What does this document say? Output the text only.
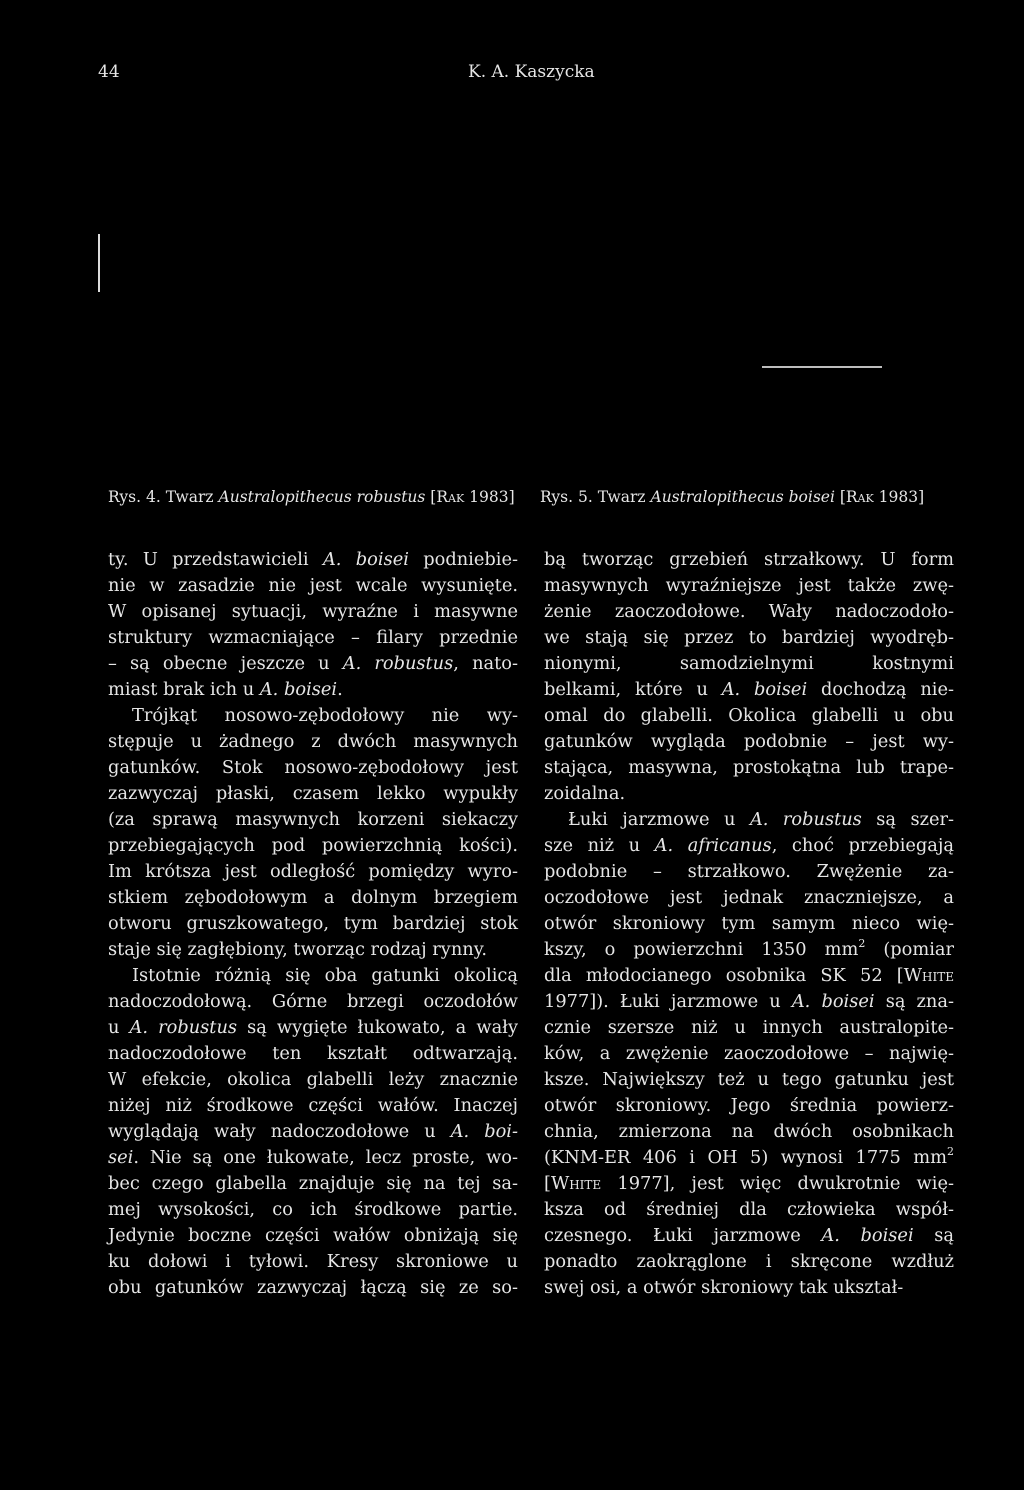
44	K. A. Kaszycka
Rys. 4. Twarz Australopithecus robustus [Rak 1983] Rys. 5. Twarz Australopithecus boisei [Rak 1983]
ty. U przedstawicieli A. boisei podniebie-
nie w zasadzie nie jest wcale wysunięte.
W opisanej sytuacji, wyraźne i masywne
struktury wzmacniające – filary przednie
– są obecne jeszcze u A. robustus, nato-
miast brak ich u A. boisei.
Trójkąt nosowo-zębodołowy nie wy-
stępuje u żadnego z dwóch masywnych
gatunków. Stok nosowo-zębodołowy jest
zazwyczaj płaski, czasem lekko wypukły
(za sprawą masywnych korzeni siekaczy
przebiegających pod powierzchnią kości).
Im krótsza jest odległość pomiędzy wyro-
stkiem zębodołowym a dolnym brzegiem
otworu gruszkowatego, tym bardziej stok
staje się zagłębiony, tworząc rodzaj rynny.
Istotnie różnią się oba gatunki okolicą
nadoczodołową. Górne brzegi oczodołów
u A. robustus są wygięte łukowato, a wały
nadoczodołowe ten kształt odtwarzają.
W efekcie, okolica glabelli leży znacznie
niżej niż środkowe części wałów. Inaczej
wyglądają wały nadoczodołowe u A. boi-
sei. Nie są one łukowate, lecz proste, wo-
bec czego glabella znajduje się na tej sa-
mej wysokości, co ich środkowe partie.
Jedynie boczne części wałów obniżają się
ku dołowi i tyłowi. Kresy skroniowe u
obu gatunków zazwyczaj łączą się ze so-
bą tworząc grzebień strzałkowy. U form
masywnych wyraźniejsze jest także zwę-
żenie zaoczodołowe. Wały nadoczodoło-
we stają się przez to bardziej wyodręb-
nionymi, samodzielnymi kostnymi
belkami, które u A. boisei dochodzą nie-
omal do glabelli. Okolica glabelli u obu
gatunków wygląda podobnie – jest wy-
stająca, masywna, prostokątna lub trape-
zoidalna.
Łuki jarzmowe u A. robustus są szer-
sze niż u A. africanus, choć przebiegają
podobnie – strzałkowo. Zwężenie za-
oczodołowe jest jednak znaczniejsze, a
otwór skroniowy tym samym nieco wię-
kszy, o powierzchni 1350 $mm^2$ (pomiar
dla młodocianego osobnika SK 52 [White
1977]). Łuki jarzmowe u A. boisei są zna-
cznie szersze niż u innych australopite-
ków, a zwężenie zaoczodołowe – najwię-
ksze. Największy też u tego gatunku jest
otwór skroniowy. Jego średnia powierz-
chnia, zmierzona na dwóch osobnikach
(KNM-ER 406 i OH 5) wynosi 1775 $mm^2$
[White 1977], jest więc dwukrotnie wię-
ksza od średniej dla człowieka współ-
czesnego. Łuki jarzmowe A. boisei są
ponadto zaokrąglone i skręcone wzdłuż
swej osi, a otwór skroniowy tak ukształ-
